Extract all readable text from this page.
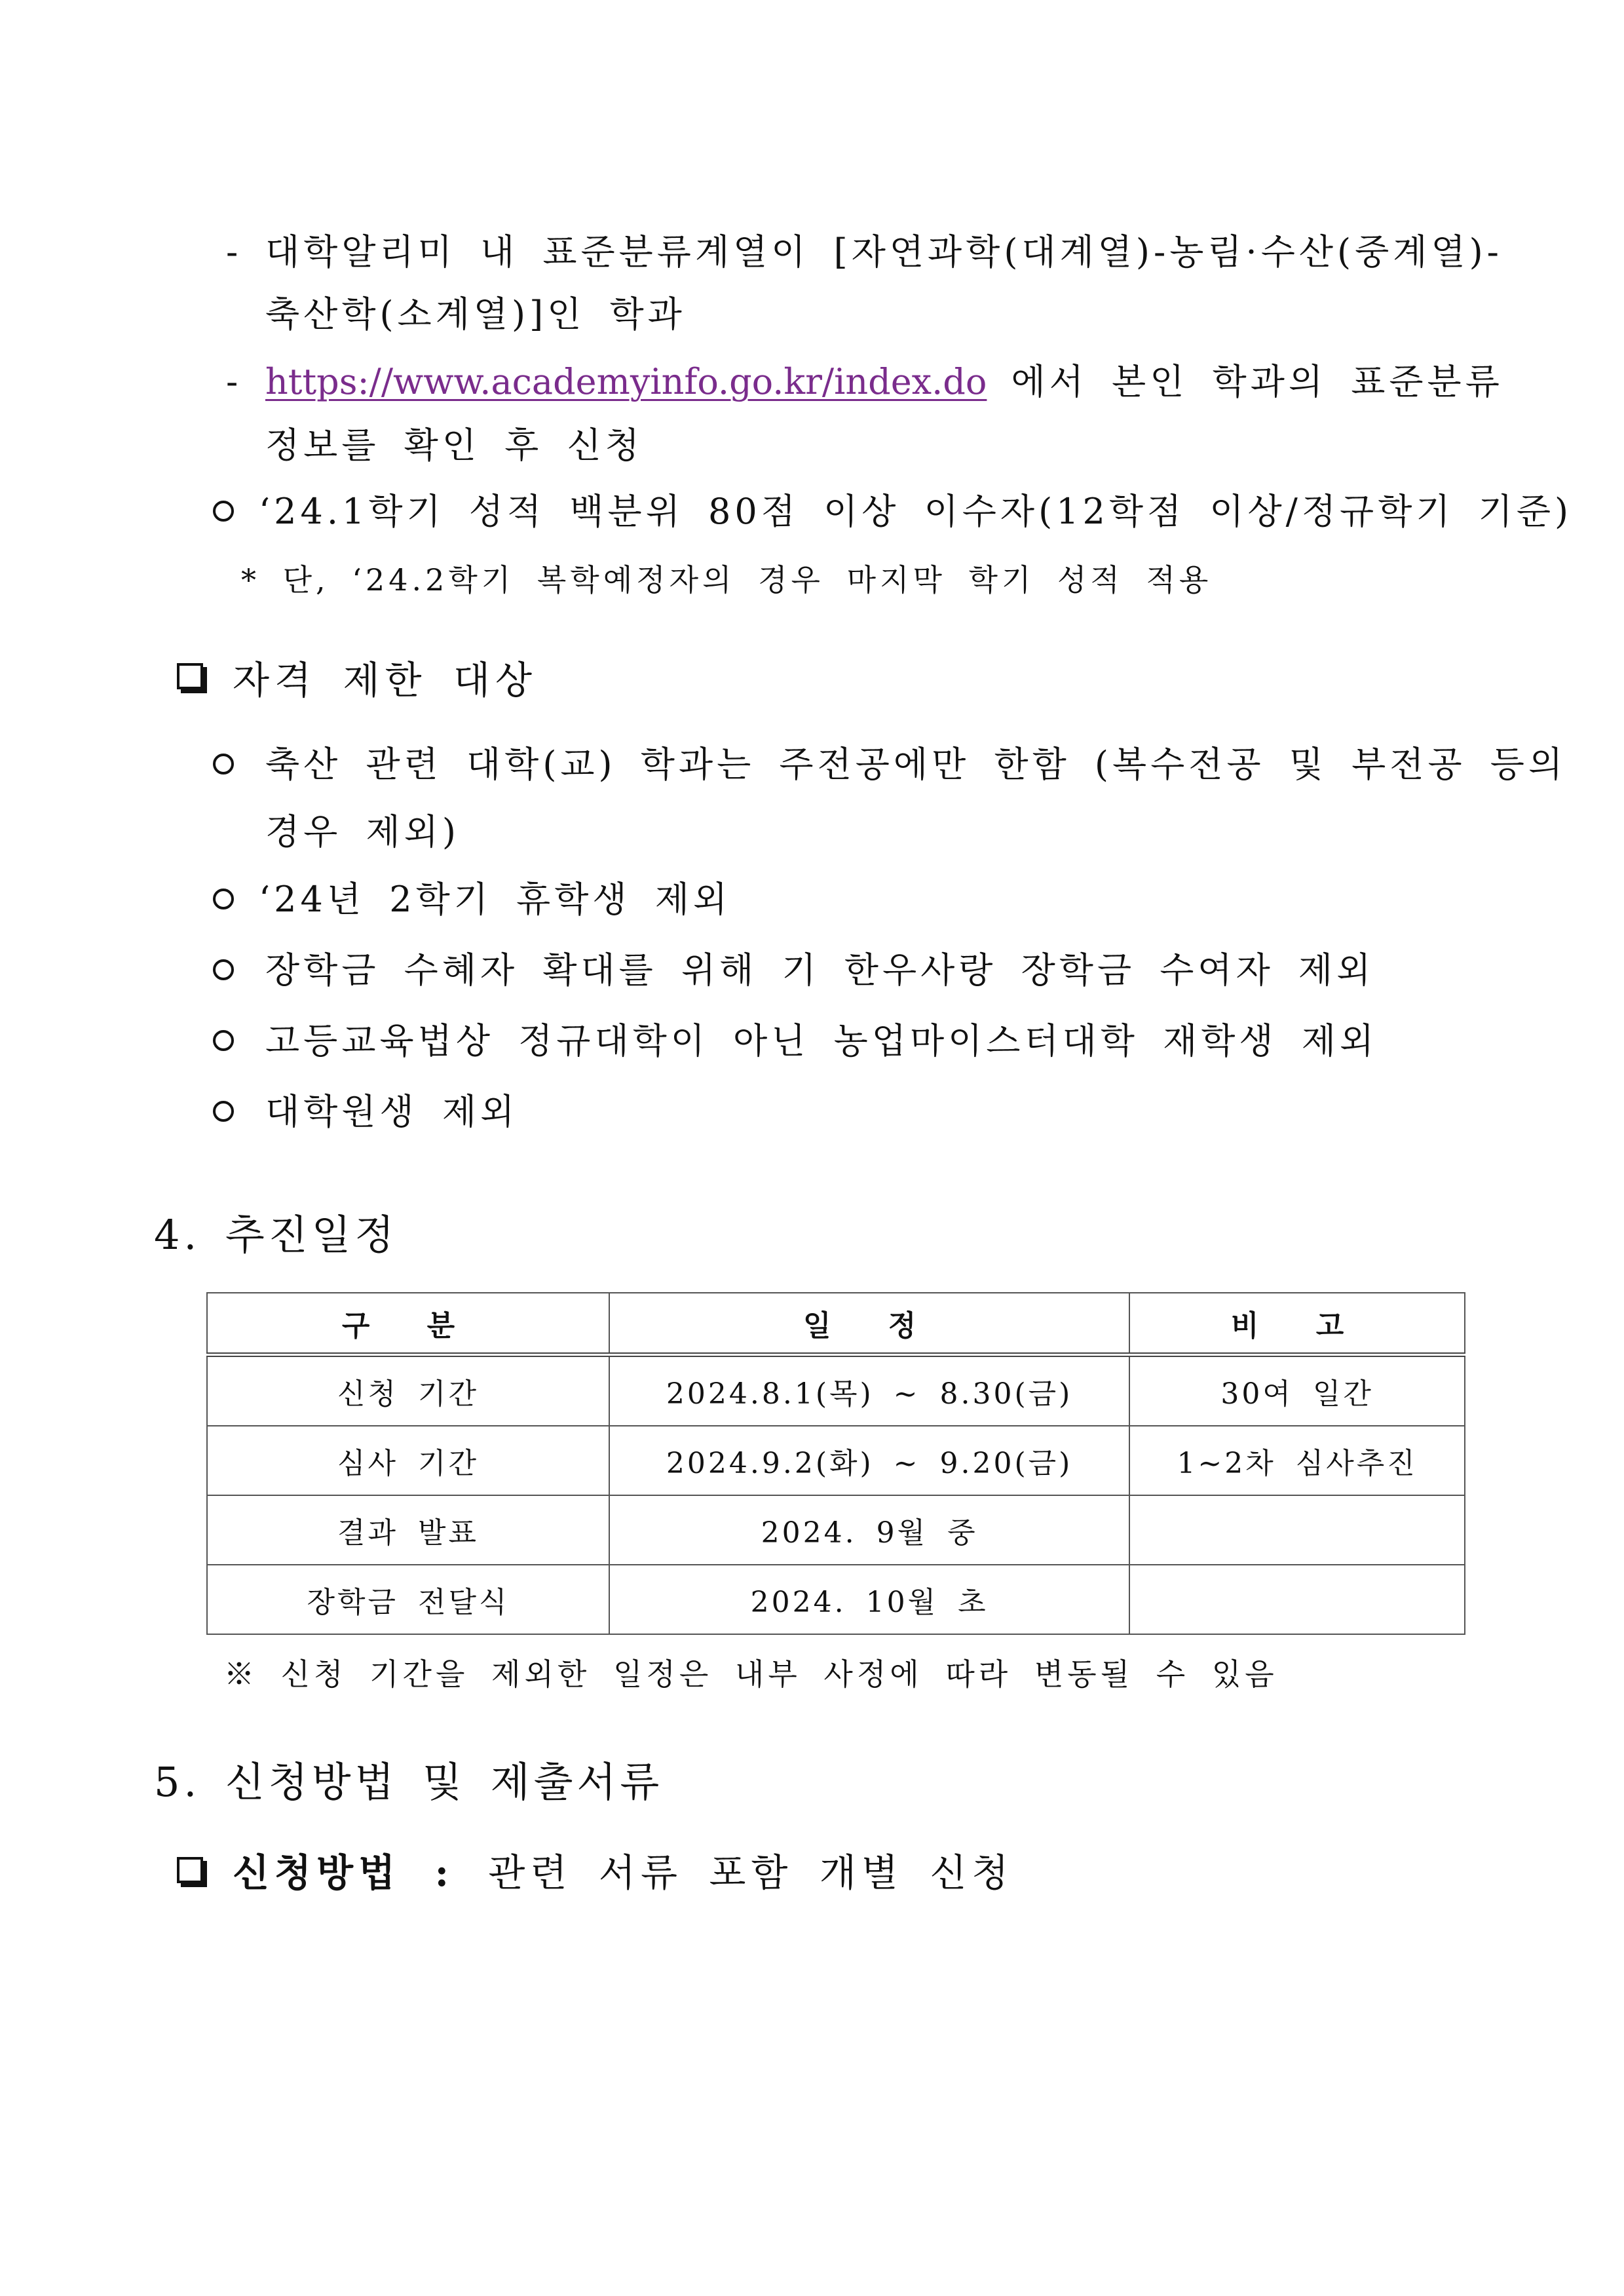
- 대학알리미 내 표준분류계열이 [자연과학(대계열)-농림·수산(중계열)-
축산학(소계열)]인 학과
- https://www.academyinfo.go.kr/index.do 에서 본인 학과의 표준분류
정보를 확인 후 신청
‘24.1학기 성적 백분위 80점 이상 이수자(12학점 이상/정규학기 기준)
* 단, ‘24.2학기 복학예정자의 경우 마지막 학기 성적 적용
자격 제한 대상
축산 관련 대학(교) 학과는 주전공에만 한함 (복수전공 및 부전공 등의
경우 제외)
‘24년 2학기 휴학생 제외
장학금 수혜자 확대를 위해 기 한우사랑 장학금 수여자 제외
고등교육법상 정규대학이 아닌 농업마이스터대학 재학생 제외
대학원생 제외
4. 추진일정
구 분	일 정	비 고
신청 기간	2024.8.1(목) ~ 8.30(금)	30여 일간
심사 기간	2024.9.2(화) ~ 9.20(금)	1~2차 심사추진
결과 발표	2024. 9월 중	
장학금 전달식	2024. 10월 초	
※ 신청 기간을 제외한 일정은 내부 사정에 따라 변동될 수 있음
5. 신청방법 및 제출서류
신청방법 : 관련 서류 포함 개별 신청
